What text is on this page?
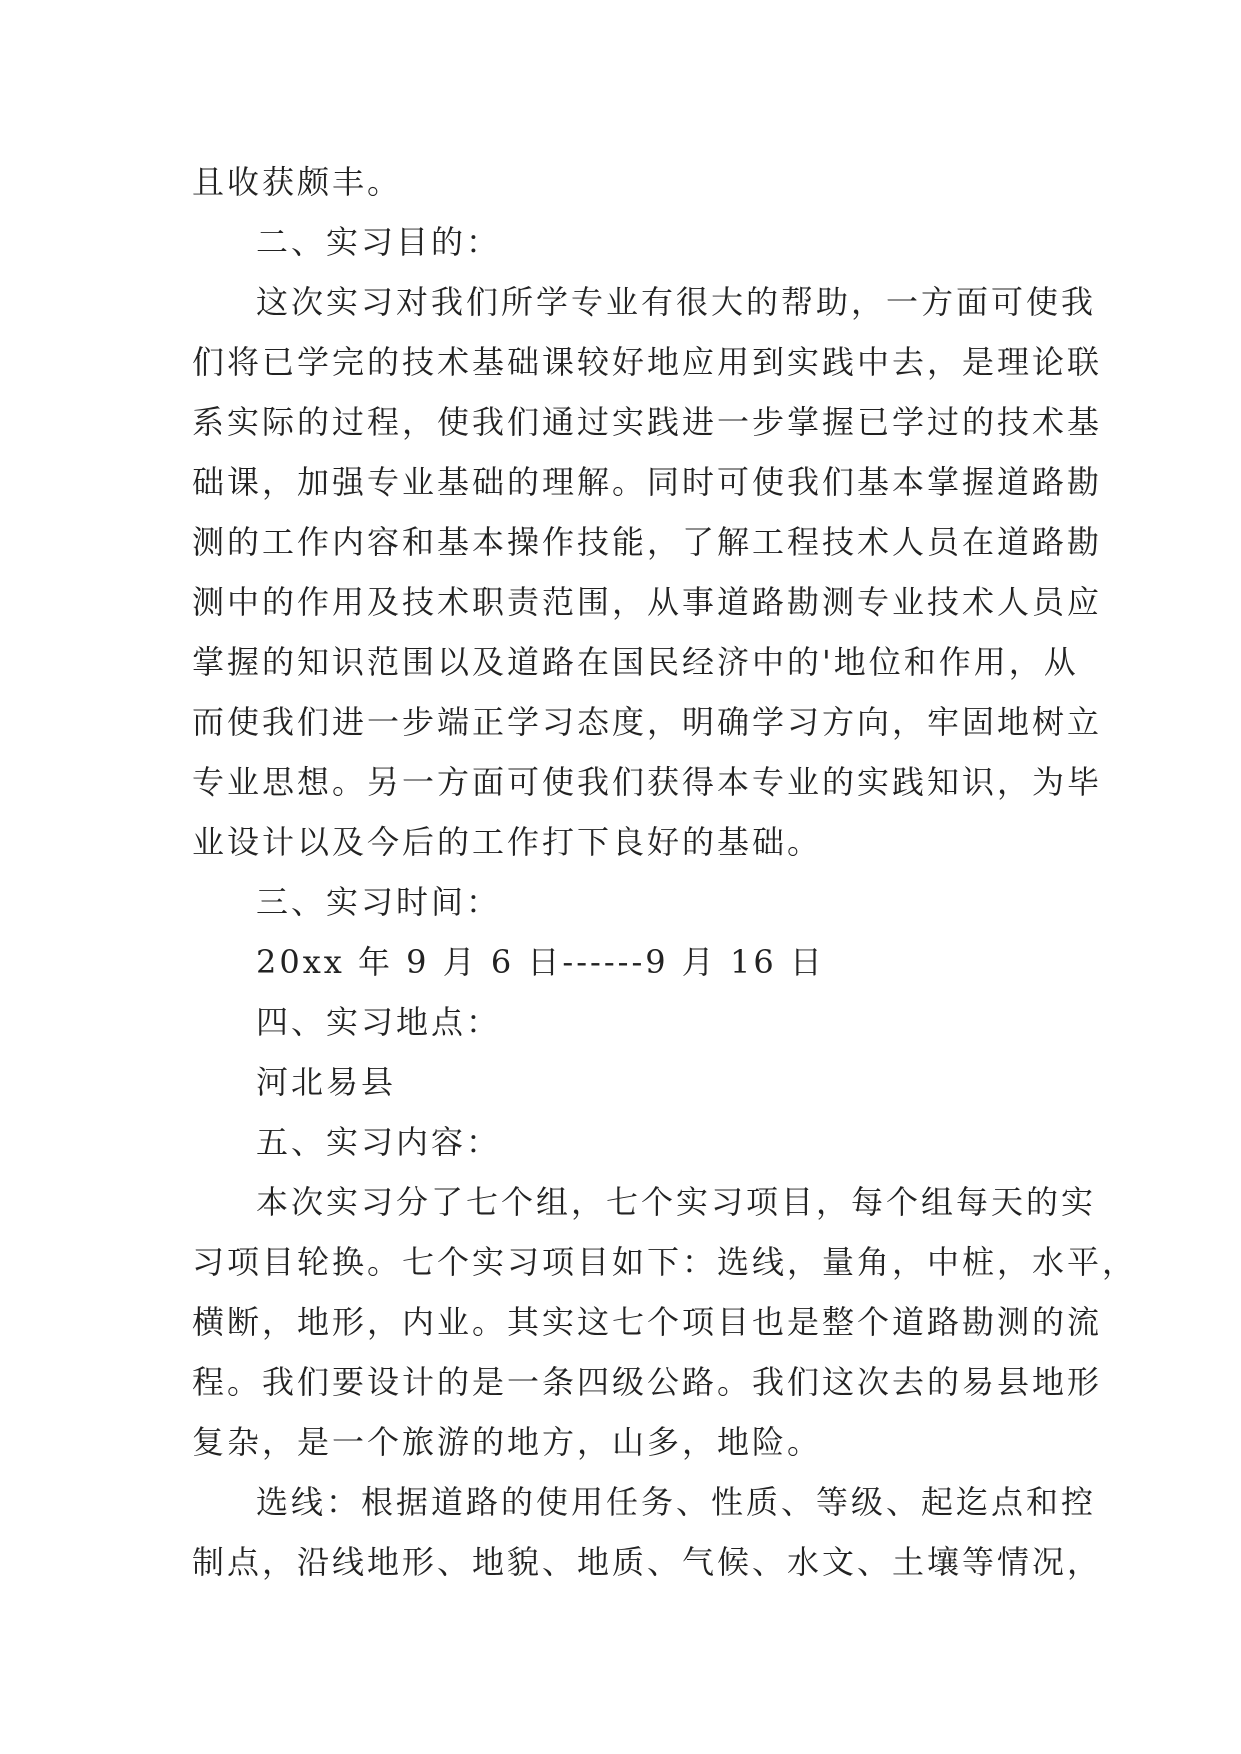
且收获颇丰。
二、实习目的：
这次实习对我们所学专业有很大的帮助，一方面可使我
们将已学完的技术基础课较好地应用到实践中去，是理论联
系实际的过程，使我们通过实践进一步掌握已学过的技术基
础课，加强专业基础的理解。同时可使我们基本掌握道路勘
测的工作内容和基本操作技能，了解工程技术人员在道路勘
测中的作用及技术职责范围，从事道路勘测专业技术人员应
掌握的知识范围以及道路在国民经济中的'地位和作用，从
而使我们进一步端正学习态度，明确学习方向，牢固地树立
专业思想。另一方面可使我们获得本专业的实践知识，为毕
业设计以及今后的工作打下良好的基础。
三、实习时间：
20xx 年 9 月 6 日------9 月 16 日
四、实习地点：
河北易县
五、实习内容：
本次实习分了七个组，七个实习项目，每个组每天的实
习项目轮换。七个实习项目如下：选线，量角，中桩，水平，
横断，地形，内业。其实这七个项目也是整个道路勘测的流
程。我们要设计的是一条四级公路。我们这次去的易县地形
复杂，是一个旅游的地方，山多，地险。
选线：根据道路的使用任务、性质、等级、起迄点和控
制点，沿线地形、地貌、地质、气候、水文、土壤等情况，
